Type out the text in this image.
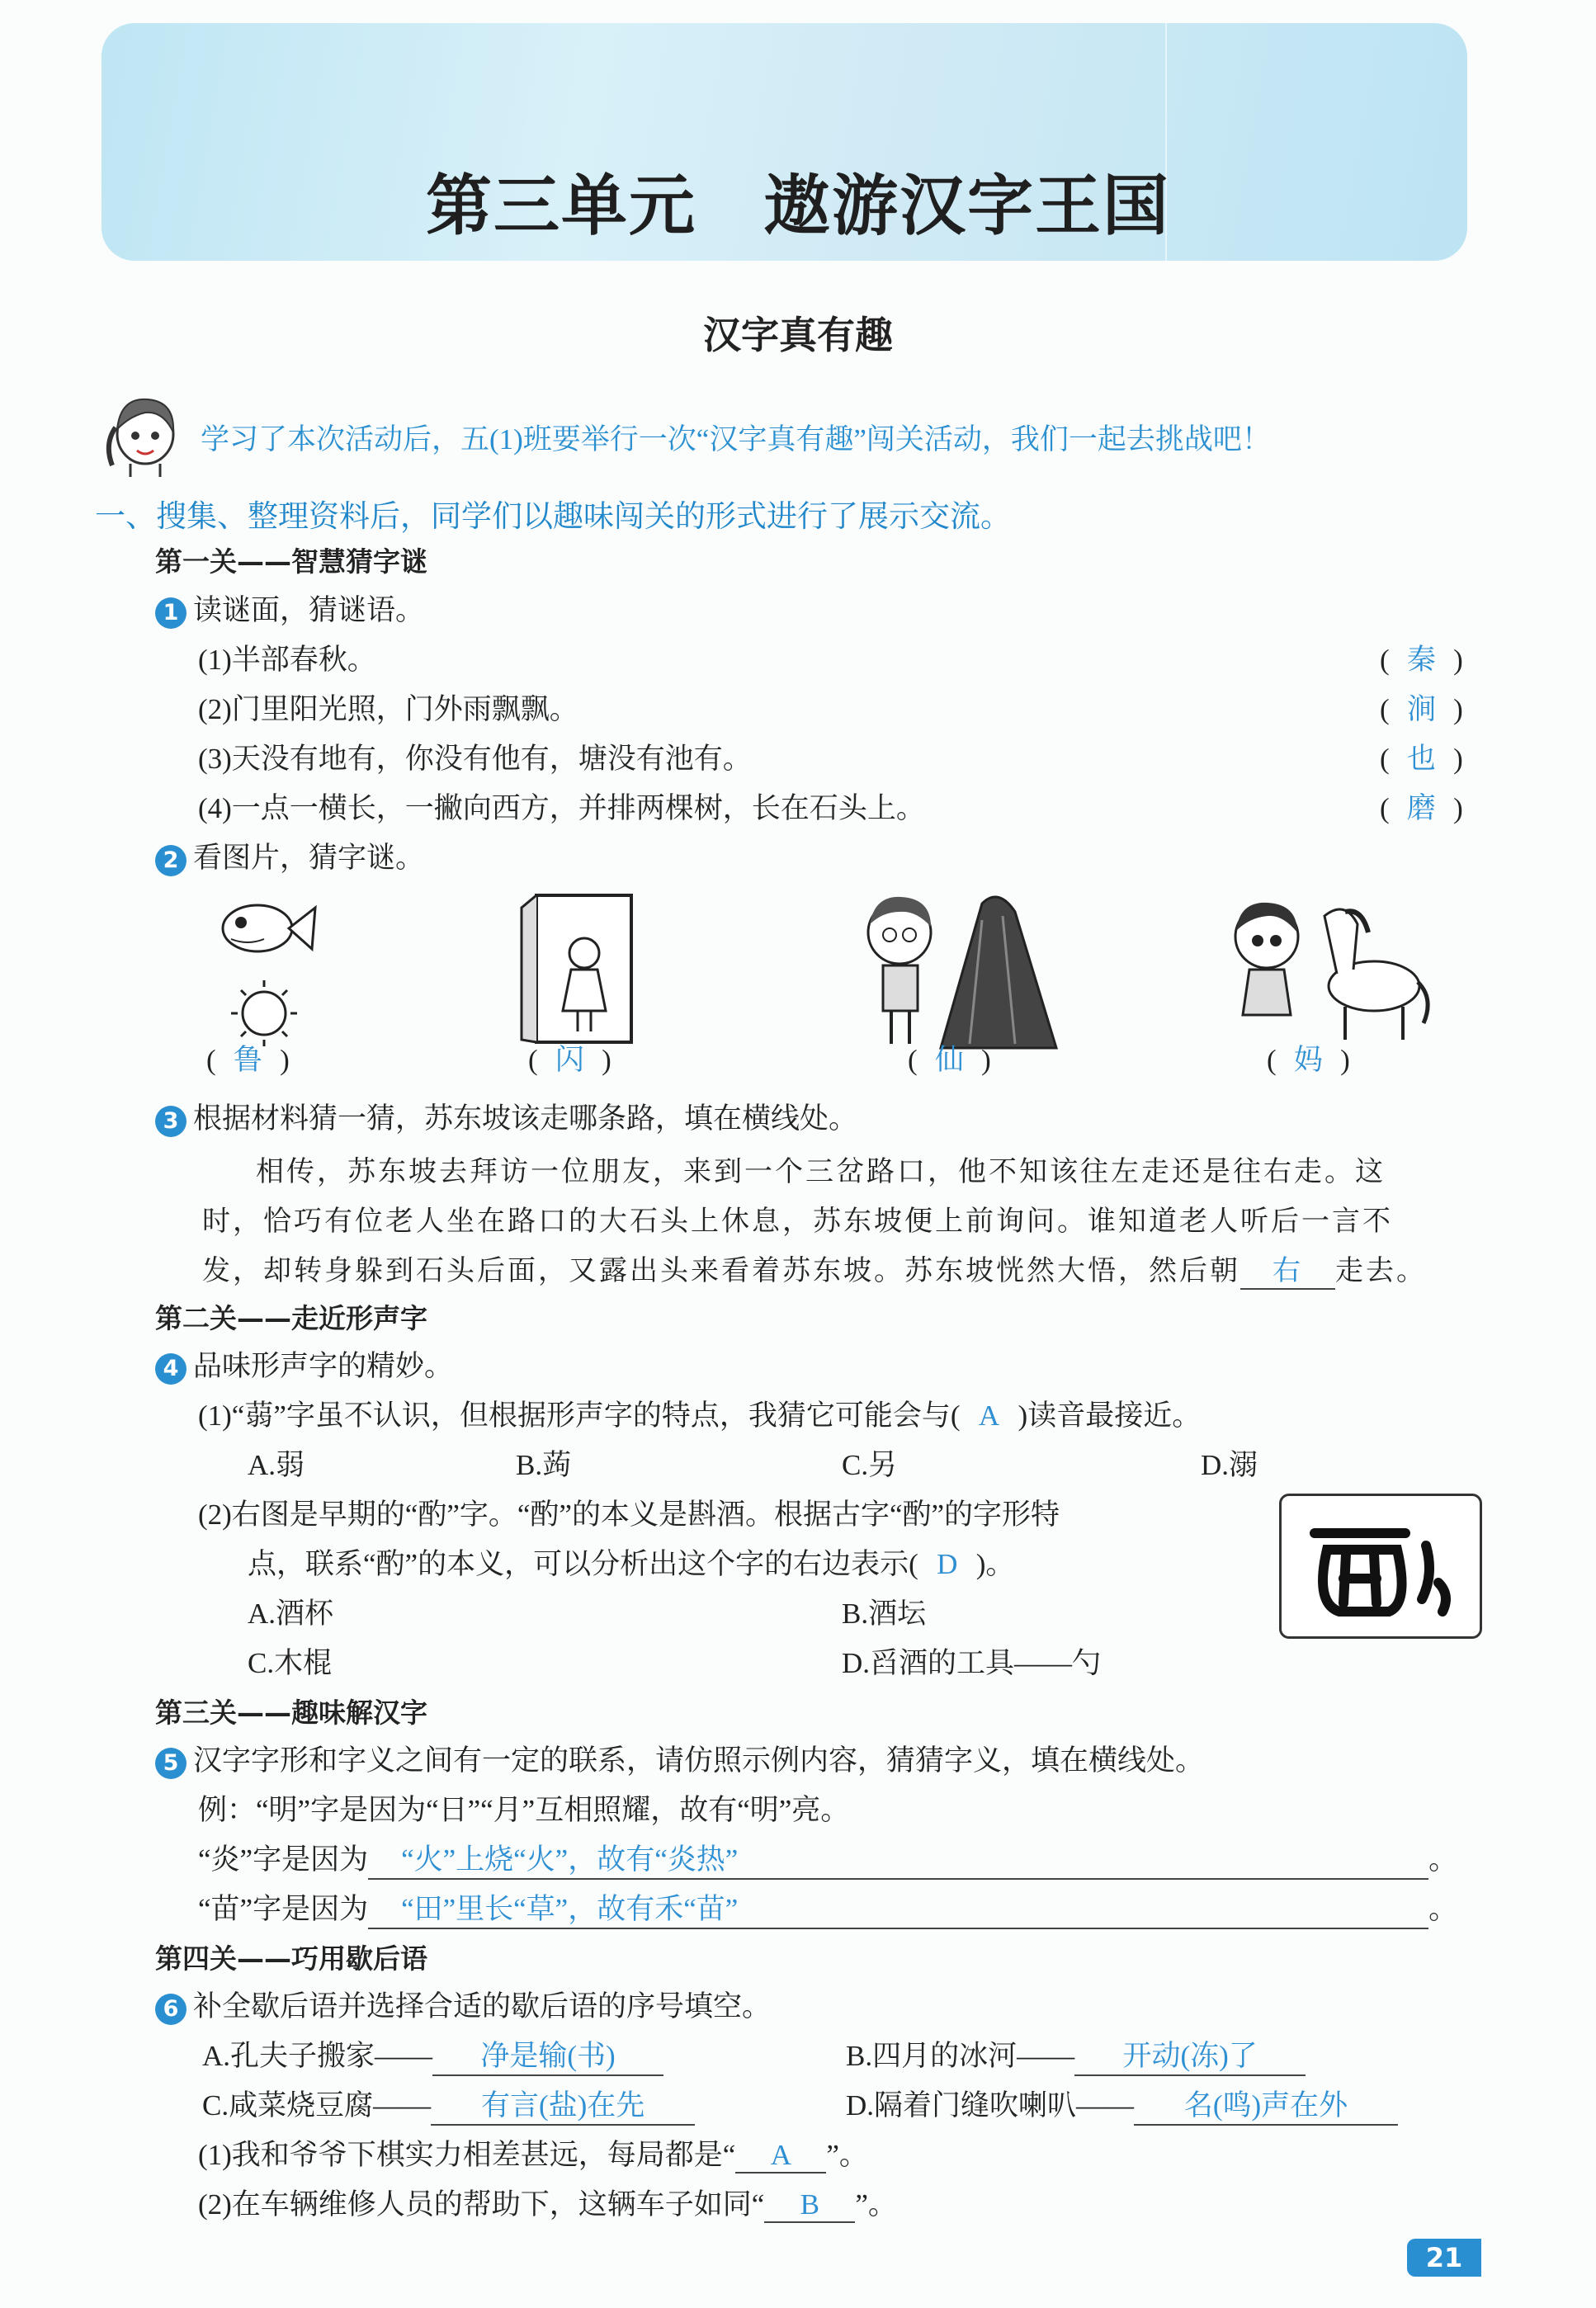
第三单元　遨游汉字王国
汉字真有趣
学习了本次活动后，五(1)班要举行一次“汉字真有趣”闯关活动，我们一起去挑战吧！
一、搜集、整理资料后，同学们以趣味闯关的形式进行了展示交流。
第一关——智慧猜字谜
1 读谜面，猜谜语。
(1)半部春秋。	( 秦 )
(2)门里阳光照，门外雨飘飘。	( 涧 )
(3)天没有地有，你没有他有，塘没有池有。	( 也 )
(4)一点一横长，一撇向西方，并排两棵树，长在石头上。	( 磨 )
2 看图片，猜字谜。
( 鲁 )	( 闪 )	( 仙 )	( 妈 )
3 根据材料猜一猜，苏东坡该走哪条路，填在横线处。
相传，苏东坡去拜访一位朋友，来到一个三岔路口，他不知该往左走还是往右走。这
时，恰巧有位老人坐在路口的大石头上休息，苏东坡便上前询问。谁知道老人听后一言不
发，却转身躲到石头后面，又露出头来看着苏东坡。苏东坡恍然大悟，然后朝 右 走去。
第二关——走近形声字
4 品味形声字的精妙。
(1)“蒻”字虽不认识，但根据形声字的特点，我猜它可能会与( A )读音最接近。
A.弱	B.蒟	C.另	D.溺
(2)右图是早期的“酌”字。“酌”的本义是斟酒。根据古字“酌”的字形特
点，联系“酌”的本义，可以分析出这个字的右边表示( D )。
A.酒杯	B.酒坛
C.木棍	D.舀酒的工具——勺
第三关——趣味解汉字
5 汉字字形和字义之间有一定的联系，请仿照示例内容，猜猜字义，填在横线处。
例：“明”字是因为“日”“月”互相照耀，故有“明”亮。
“炎”字是因为 “火”上烧“火”，故有“炎热”	。
“苗”字是因为 “田”里长“草”，故有禾“苗”	。
第四关——巧用歇后语
6 补全歇后语并选择合适的歇后语的序号填空。
A.孔夫子搬家—— 净是输(书)	B.四月的冰河—— 开动(冻)了
C.咸菜烧豆腐—— 有言(盐)在先	D.隔着门缝吹喇叭—— 名(鸣)声在外
(1)我和爷爷下棋实力相差甚远，每局都是“ A ”。
(2)在车辆维修人员的帮助下，这辆车子如同“ B ”。
21
